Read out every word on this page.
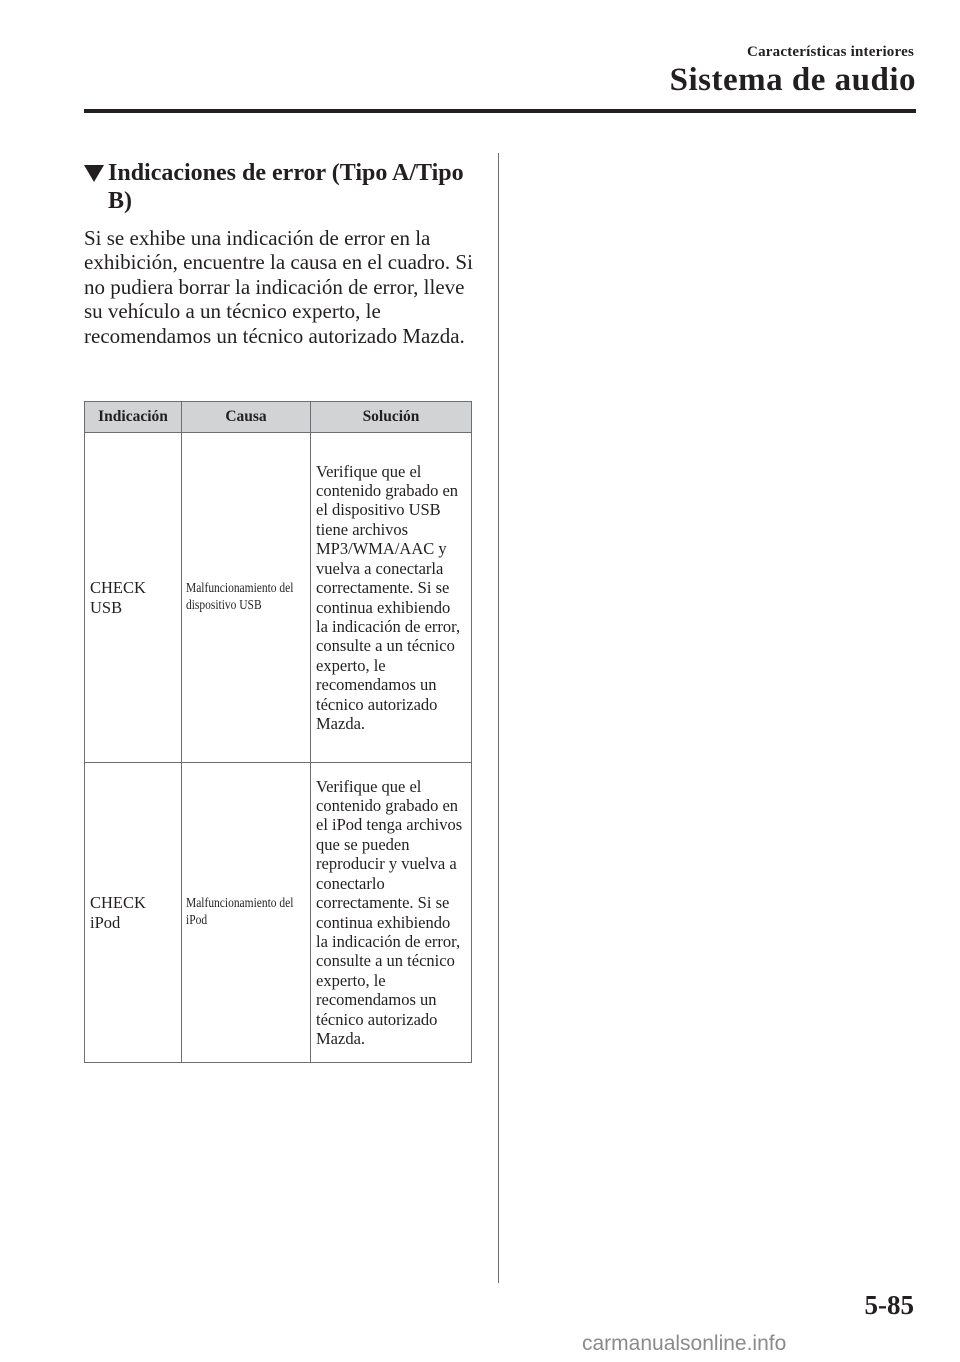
Características interiores
Sistema de audio
Indicaciones de error (Tipo A/Tipo B)

Si se exhibe una indicación de error en la exhibición, encuentre la causa en el cuadro. Si no pudiera borrar la indicación de error, lleve su vehículo a un técnico experto, le recomendamos un técnico autorizado Mazda.

Indicación	Causa	Solución
CHECK USB	Malfuncionamiento del dispositivo USB	Verifique que el contenido grabado en el dispositivo USB tiene archivos MP3/WMA/AAC y vuelva a conectarla correctamente. Si se continua exhibiendo la indicación de error, consulte a un técnico experto, le recomendamos un técnico autorizado Mazda.
CHECK iPod	Malfuncionamiento del iPod	Verifique que el contenido grabado en el iPod tenga archivos que se pueden reproducir y vuelva a conectarlo correctamente. Si se continua exhibiendo la indicación de error, consulte a un técnico experto, le recomendamos un técnico autorizado Mazda.
5-85
carmanualsonline.info
